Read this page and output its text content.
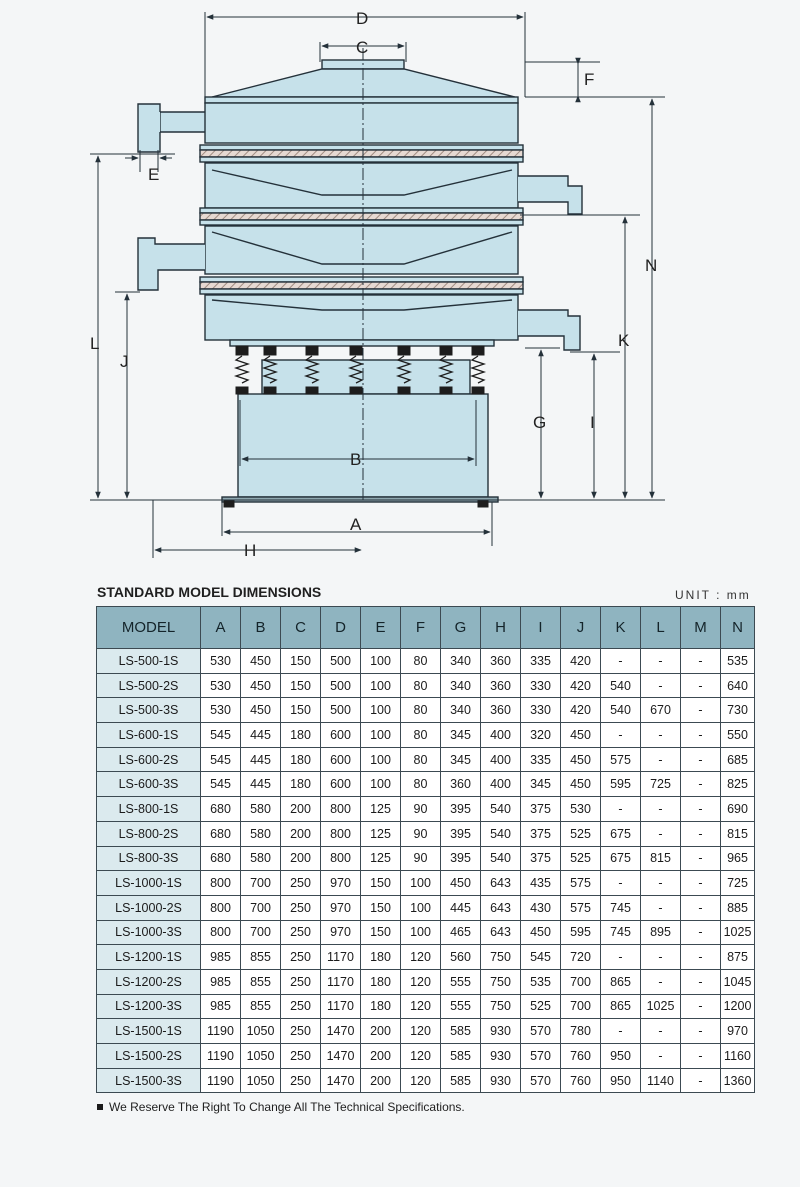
D
C
F
E
N
L
J
K
G	I
B
A
H
STANDARD MODEL DIMENSIONS	UNIT : mm
MODEL	A	B	C	D	E	F	G	H	I	J	K	L	M	N
LS-500-1S	530	450	150	500	100	80	340	360	335	420	-	-	-	535
LS-500-2S	530	450	150	500	100	80	340	360	330	420	540	-	-	640
LS-500-3S	530	450	150	500	100	80	340	360	330	420	540	670	-	730
LS-600-1S	545	445	180	600	100	80	345	400	320	450	-	-	-	550
LS-600-2S	545	445	180	600	100	80	345	400	335	450	575	-	-	685
LS-600-3S	545	445	180	600	100	80	360	400	345	450	595	725	-	825
LS-800-1S	680	580	200	800	125	90	395	540	375	530	-	-	-	690
LS-800-2S	680	580	200	800	125	90	395	540	375	525	675	-	-	815
LS-800-3S	680	580	200	800	125	90	395	540	375	525	675	815	-	965
LS-1000-1S	800	700	250	970	150	100	450	643	435	575	-	-	-	725
LS-1000-2S	800	700	250	970	150	100	445	643	430	575	745	-	-	885
LS-1000-3S	800	700	250	970	150	100	465	643	450	595	745	895	-	1025
LS-1200-1S	985	855	250	1170	180	120	560	750	545	720	-	-	-	875
LS-1200-2S	985	855	250	1170	180	120	555	750	535	700	865	-	-	1045
LS-1200-3S	985	855	250	1170	180	120	555	750	525	700	865	1025	-	1200
LS-1500-1S	1190	1050	250	1470	200	120	585	930	570	780	-	-	-	970
LS-1500-2S	1190	1050	250	1470	200	120	585	930	570	760	950	-	-	1160
LS-1500-3S	1190	1050	250	1470	200	120	585	930	570	760	950	1140	-	1360
We Reserve The Right To Change All The Technical Specifications.
